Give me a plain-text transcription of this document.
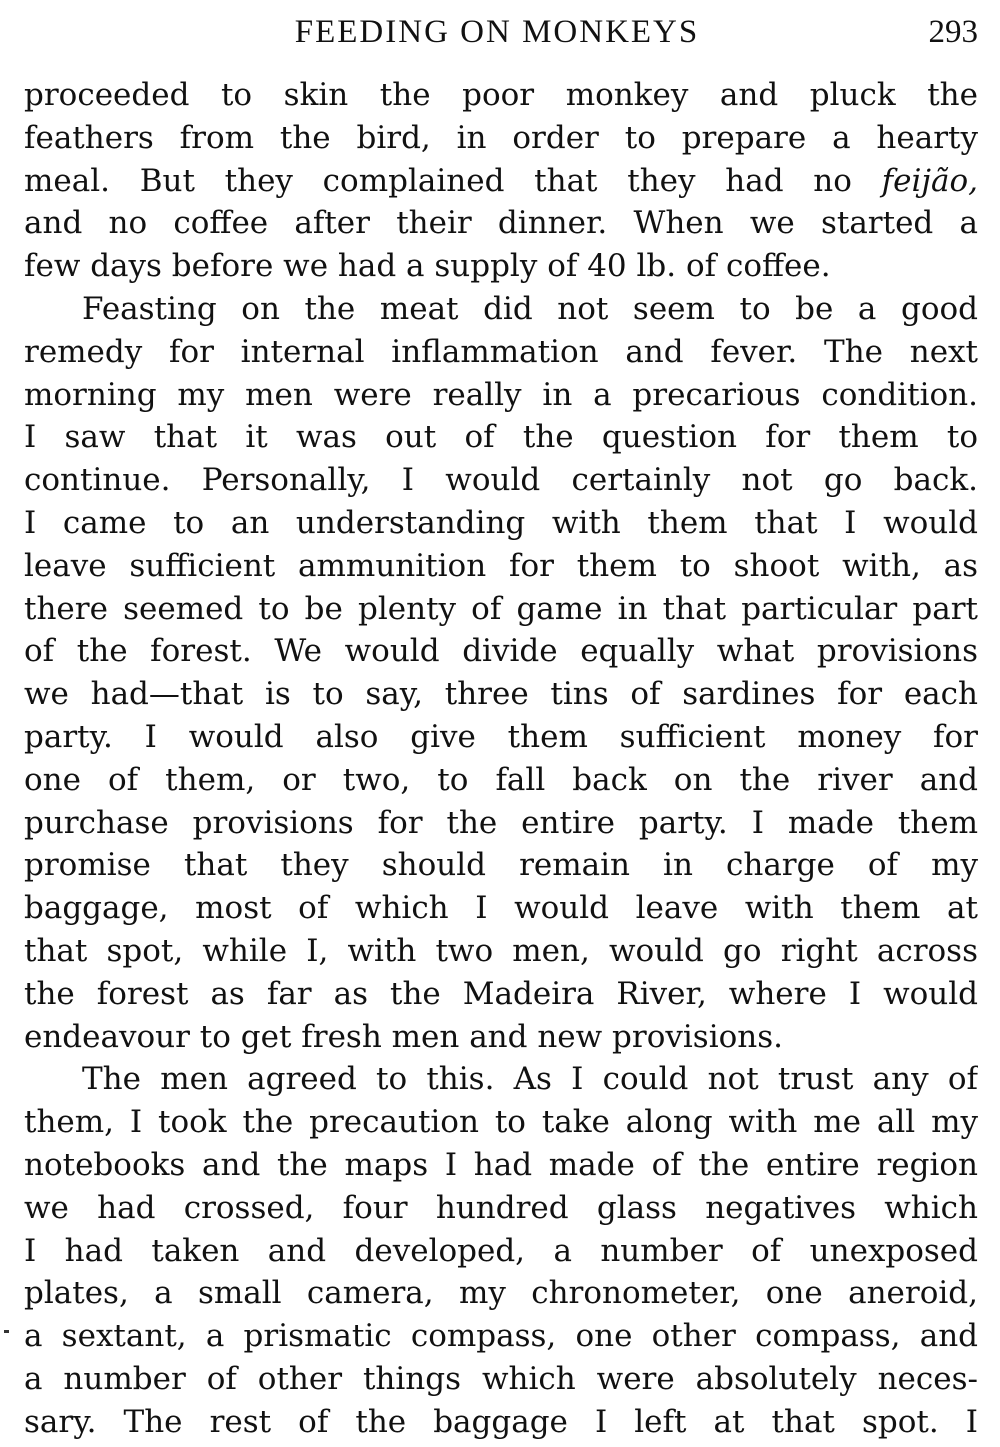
FEEDING ON MONKEYS	293
proceeded to skin the poor monkey and pluck the
feathers from the bird, in order to prepare a hearty
meal. But they complained that they had no feijão,
and no coffee after their dinner. When we started a
few days before we had a supply of 40 lb. of coffee.
Feasting on the meat did not seem to be a good
remedy for internal inflammation and fever. The next
morning my men were really in a precarious condition.
I saw that it was out of the question for them to
continue. Personally, I would certainly not go back.
I came to an understanding with them that I would
leave sufficient ammunition for them to shoot with, as
there seemed to be plenty of game in that particular part
of the forest. We would divide equally what provisions
we had—that is to say, three tins of sardines for each
party. I would also give them sufficient money for
one of them, or two, to fall back on the river and
purchase provisions for the entire party. I made them
promise that they should remain in charge of my
baggage, most of which I would leave with them at
that spot, while I, with two men, would go right across
the forest as far as the Madeira River, where I would
endeavour to get fresh men and new provisions.
The men agreed to this. As I could not trust any of
them, I took the precaution to take along with me all my
notebooks and the maps I had made of the entire region
we had crossed, four hundred glass negatives which
I had taken and developed, a number of unexposed
plates, a small camera, my chronometer, one aneroid,
a sextant, a prismatic compass, one other compass, and
a number of other things which were absolutely neces-
sary. The rest of the baggage I left at that spot. I
